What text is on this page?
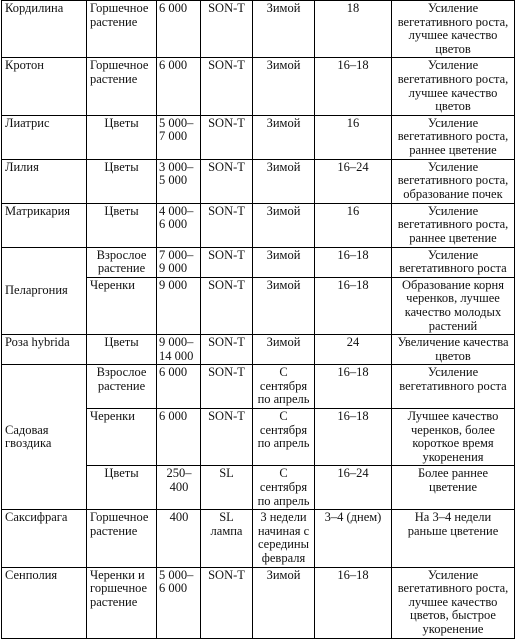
Кордилина	Горшечное растение	6 000	SON-T	Зимой	18	Усиление вегетативного роста, лучшее качество цветов
Кротон	Горшечное растение	6 000	SON-T	Зимой	16–18	Усиление вегетативного роста, лучшее качество цветов
Лиатрис	Цветы	5 000– 7 000	SON-T	Зимой	16	Усиление вегетативного роста, раннее цветение
Лилия	Цветы	3 000– 5 000	SON-T	Зимой	16–24	Усиление вегетативного роста, образование почек
Матрикария	Цветы	4 000– 6 000	SON-T	Зимой	16	Усиление вегетативного роста, раннее цветение
Пеларгония	Взрослое растение	7 000– 9 000	SON-T	Зимой	16–18	Усиление вегетативного роста
	Черенки	9 000	SON-T	Зимой	16–18	Образование корня черенков, лучшее качество молодых растений
Роза hybrida	Цветы	9 000– 14 000	SON-T	Зимой	24	Увеличение качества цветов
Садовая гвоздика	Взрослое растение	6 000	SON-T	С сентября по апрель	16–18	Усиление вегетативного роста
	Черенки	6 000	SON-T	С сентября по апрель	16–18	Лучшее качество черенков, более короткое время укоренения
	Цветы	250– 400	SL	С сентября по апрель	16–24	Более раннее цветение
Саксифрага	Горшечное растение	400	SL лампа	3 недели начиная с середины февраля	3–4 (днем)	На 3–4 недели раньше цветение
Сенполия	Черенки и горшечное растение	5 000– 6 000	SON-T	Зимой	16–18	Усиление вегетативного роста, лучшее качество цветов, быстрое укоренение
